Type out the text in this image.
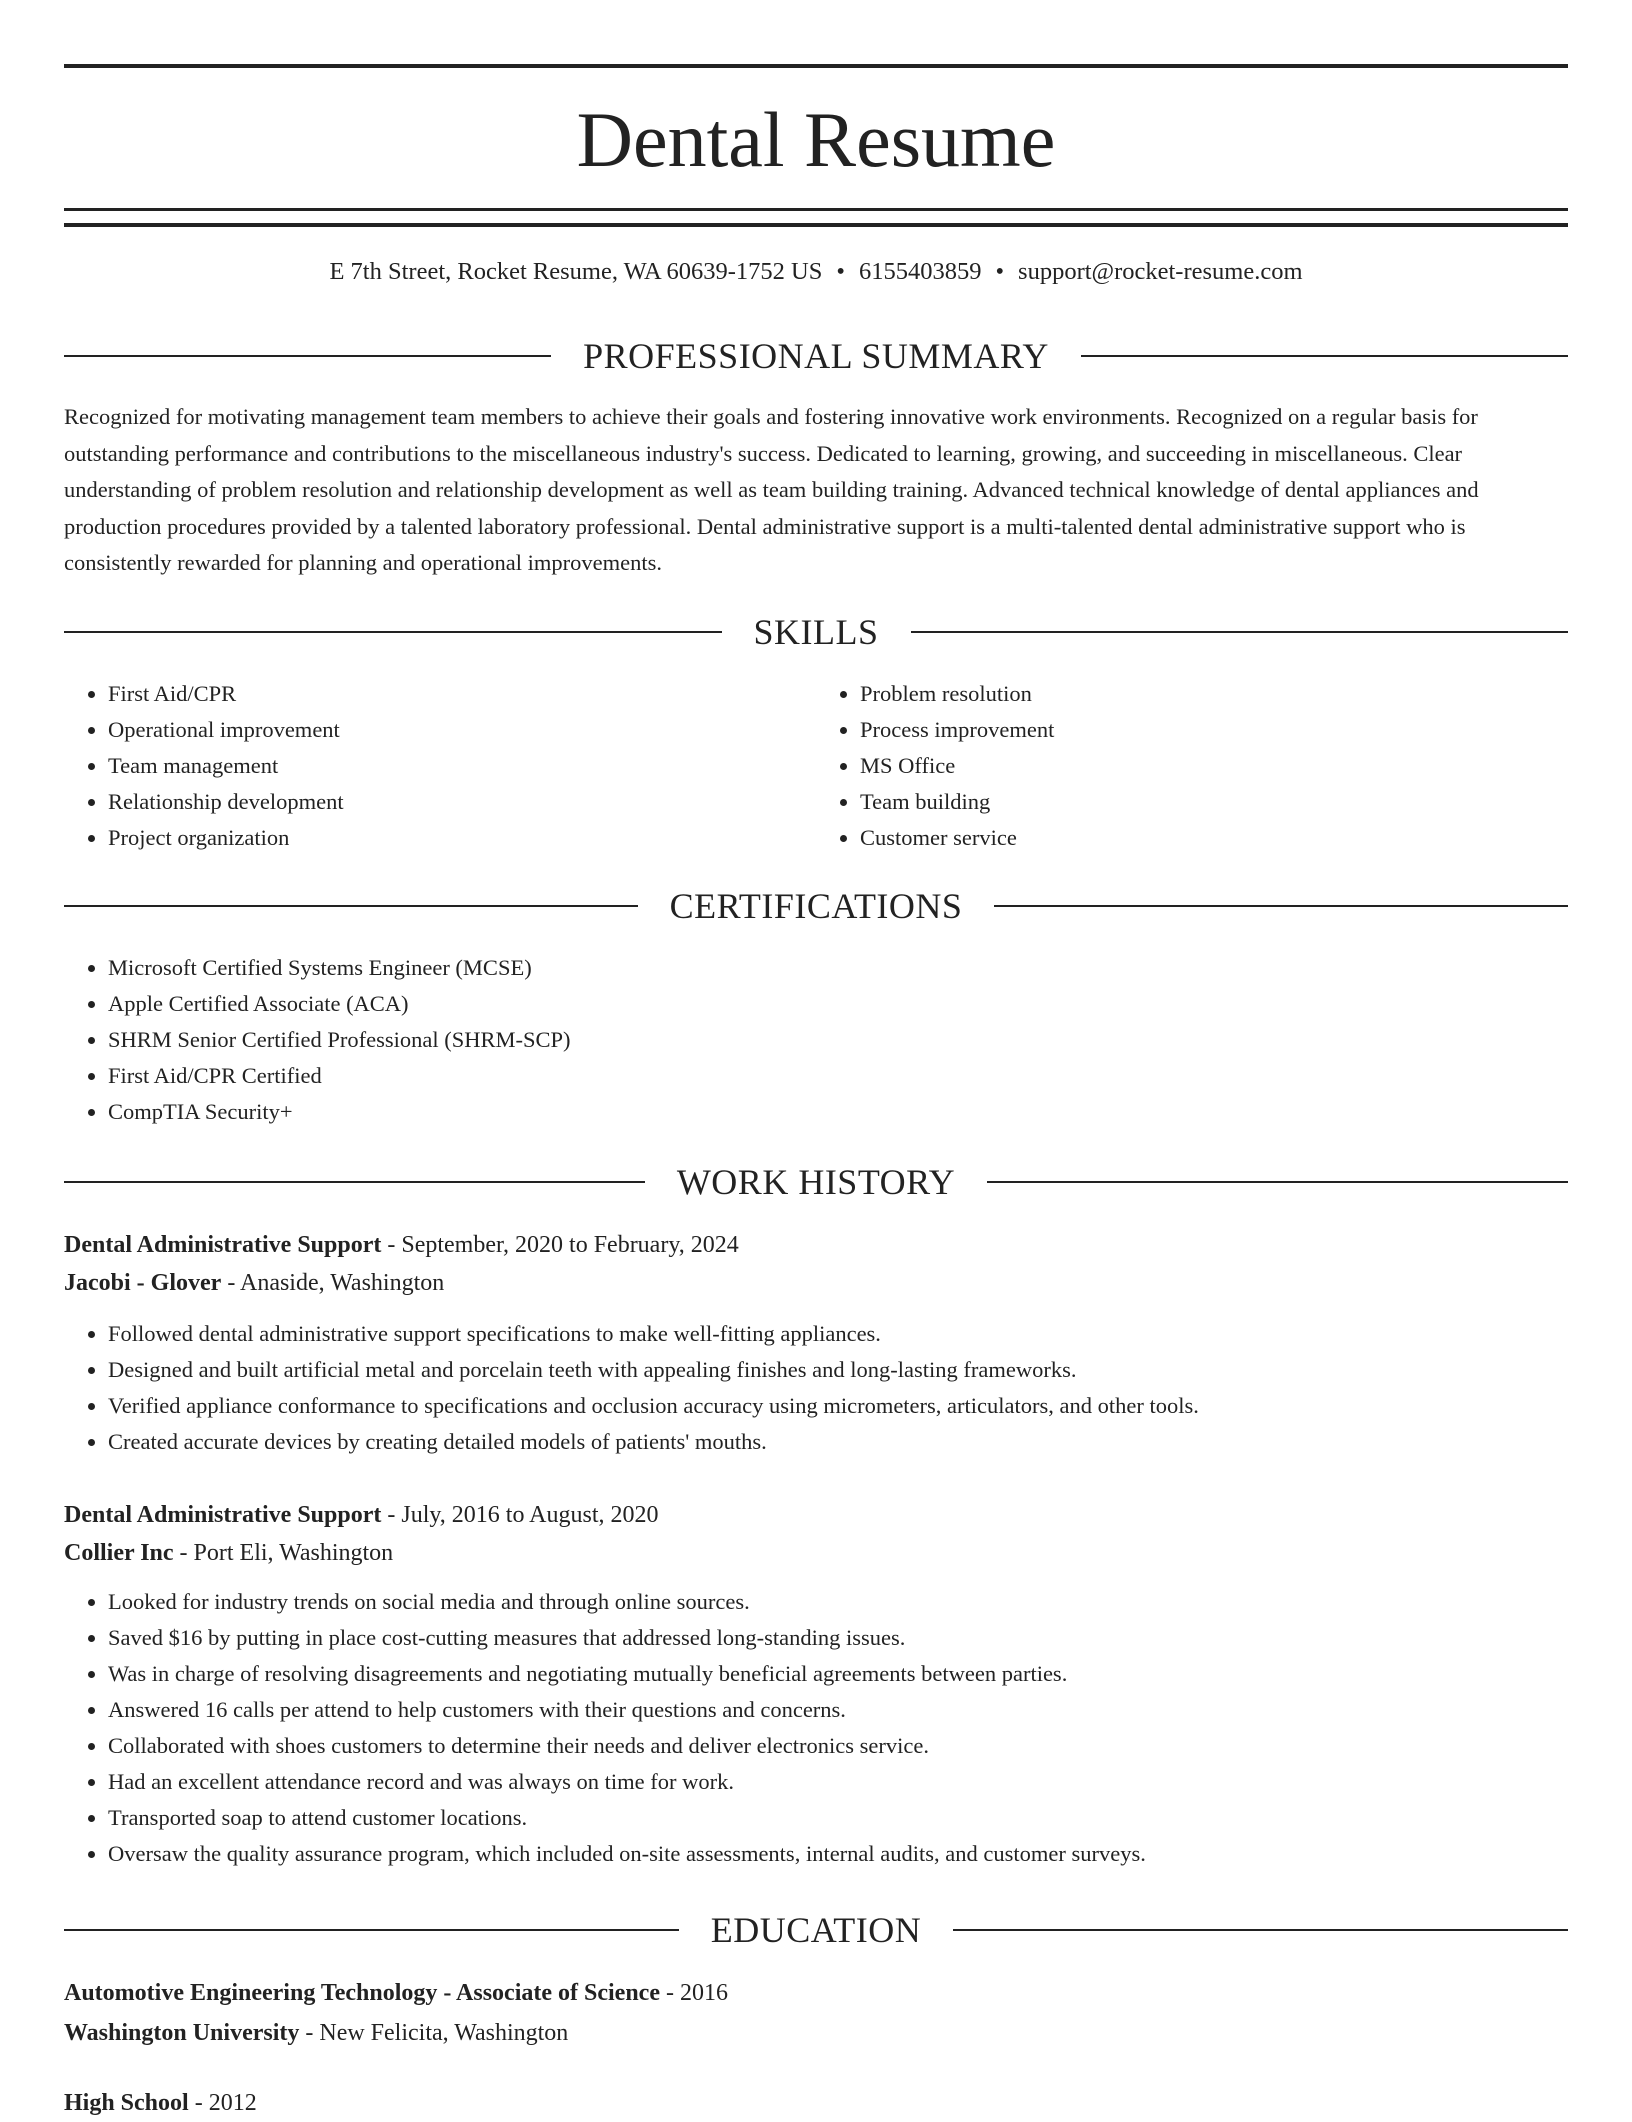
Dental Resume
E 7th Street, Rocket Resume, WA 60639-1752 US • 6155403859 • support@rocket-resume.com
PROFESSIONAL SUMMARY

Recognized for motivating management team members to achieve their goals and fostering innovative work environments. Recognized on a regular basis for outstanding performance and contributions to the miscellaneous industry's success. Dedicated to learning, growing, and succeeding in miscellaneous. Clear understanding of problem resolution and relationship development as well as team building training. Advanced technical knowledge of dental appliances and production procedures provided by a talented laboratory professional. Dental administrative support is a multi-talented dental administrative support who is consistently rewarded for planning and operational improvements.

SKILLS
• First Aid/CPR
• Operational improvement
• Team management
• Relationship development
• Project organization
• Problem resolution
• Process improvement
• MS Office
• Team building
• Customer service
CERTIFICATIONS
• Microsoft Certified Systems Engineer (MCSE)
• Apple Certified Associate (ACA)
• SHRM Senior Certified Professional (SHRM-SCP)
• First Aid/CPR Certified
• CompTIA Security+
WORK HISTORY
Dental Administrative Support - September, 2020 to February, 2024
Jacobi - Glover - Anaside, Washington
• Followed dental administrative support specifications to make well-fitting appliances.
• Designed and built artificial metal and porcelain teeth with appealing finishes and long-lasting frameworks.
• Verified appliance conformance to specifications and occlusion accuracy using micrometers, articulators, and other tools.
• Created accurate devices by creating detailed models of patients' mouths.
Dental Administrative Support - July, 2016 to August, 2020
Collier Inc - Port Eli, Washington
• Looked for industry trends on social media and through online sources.
• Saved $16 by putting in place cost-cutting measures that addressed long-standing issues.
• Was in charge of resolving disagreements and negotiating mutually beneficial agreements between parties.
• Answered 16 calls per attend to help customers with their questions and concerns.
• Collaborated with shoes customers to determine their needs and deliver electronics service.
• Had an excellent attendance record and was always on time for work.
• Transported soap to attend customer locations.
• Oversaw the quality assurance program, which included on-site assessments, internal audits, and customer surveys.
EDUCATION
Automotive Engineering Technology - Associate of Science - 2016
Washington University - New Felicita, Washington
High School - 2012
